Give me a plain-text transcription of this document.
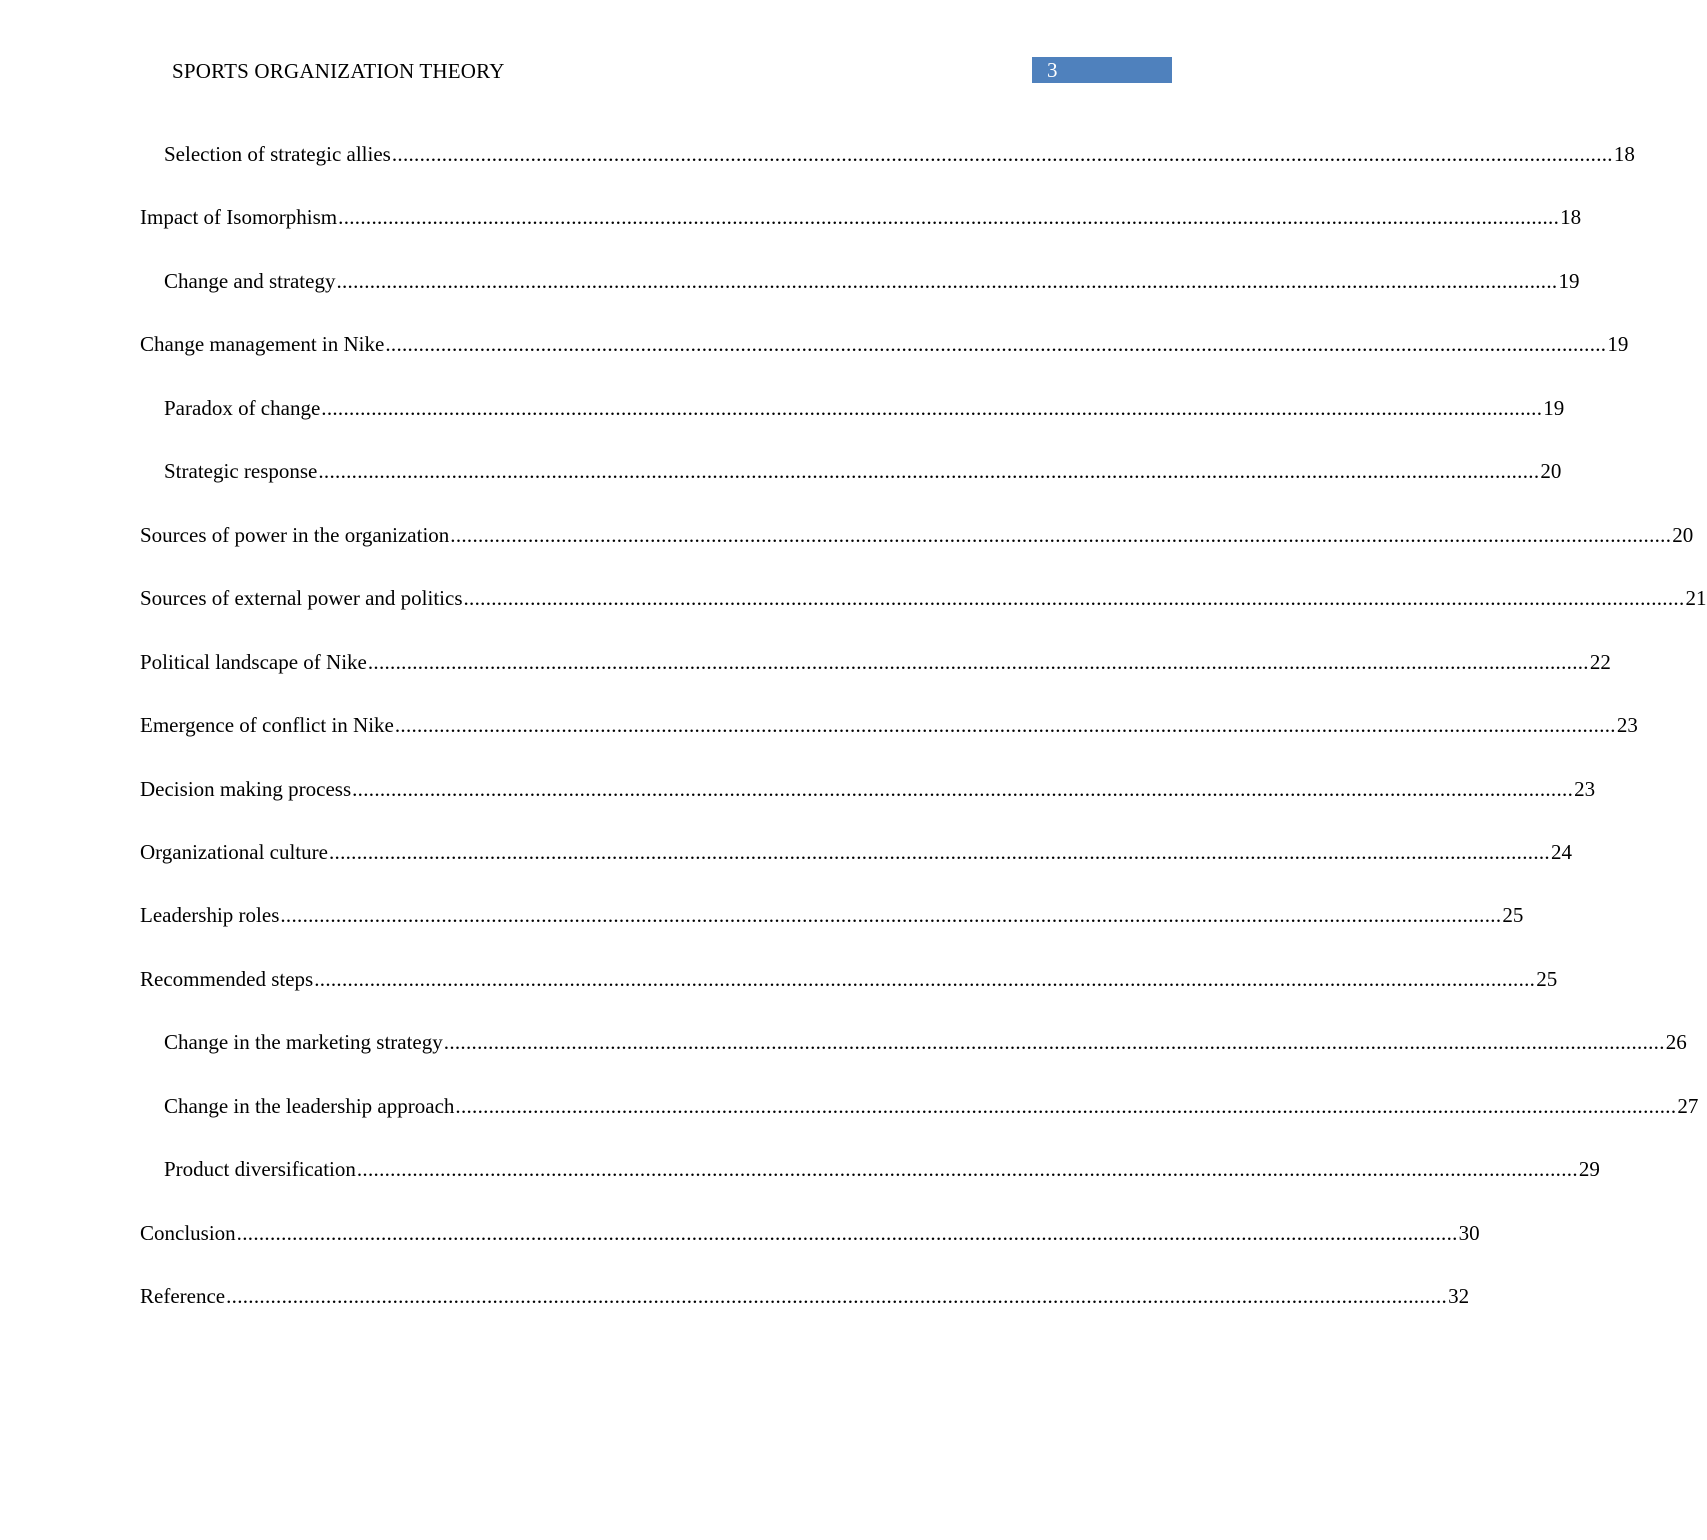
SPORTS ORGANIZATION THEORY	3
Selection of strategic allies ............................................................................................................................................................................................................................ 18
Impact of Isomorphism ............................................................................................................................................................................................................................ 18
Change and strategy ............................................................................................................................................................................................................................ 19
Change management in Nike ............................................................................................................................................................................................................................ 19
Paradox of change ............................................................................................................................................................................................................................ 19
Strategic response ............................................................................................................................................................................................................................ 20
Sources of power in the organization ............................................................................................................................................................................................................................ 20
Sources of external power and politics ............................................................................................................................................................................................................................ 21
Political landscape of Nike ............................................................................................................................................................................................................................ 22
Emergence of conflict in Nike ............................................................................................................................................................................................................................ 23
Decision making process ............................................................................................................................................................................................................................ 23
Organizational culture ............................................................................................................................................................................................................................ 24
Leadership roles ............................................................................................................................................................................................................................ 25
Recommended steps ............................................................................................................................................................................................................................ 25
Change in the marketing strategy ............................................................................................................................................................................................................................ 26
Change in the leadership approach ............................................................................................................................................................................................................................ 27
Product diversification ............................................................................................................................................................................................................................ 29
Conclusion ............................................................................................................................................................................................................................ 30
Reference ............................................................................................................................................................................................................................ 32
